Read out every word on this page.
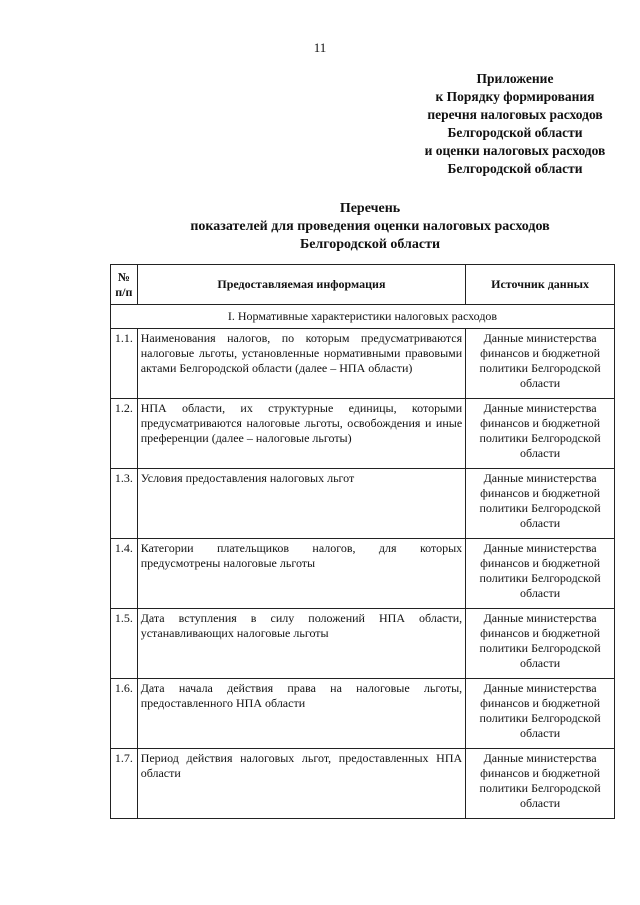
11
Приложение
к Порядку формирования
перечня налоговых расходов
Белгородской области
и оценки налоговых расходов
Белгородской области
Перечень
показателей для проведения оценки налоговых расходов
Белгородской области
№ п/п	Предоставляемая информация	Источник данных
I. Нормативные характеристики налоговых расходов		
1.1.	Наименования налогов, по которым предусматриваются налоговые льготы, установленные нормативными правовыми актами Белгородской области (далее – НПА области)	Данные министерства финансов и бюджетной политики Белгородской области
1.2.	НПА области, их структурные единицы, которыми предусматриваются налоговые льготы, освобождения и иные преференции (далее – налоговые льготы)	Данные министерства финансов и бюджетной политики Белгородской области
1.3.	Условия предоставления налоговых льгот	Данные министерства финансов и бюджетной политики Белгородской области
1.4.	Категории плательщиков налогов, для которых предусмотрены налоговые льготы	Данные министерства финансов и бюджетной политики Белгородской области
1.5.	Дата вступления в силу положений НПА области, устанавливающих налоговые льготы	Данные министерства финансов и бюджетной политики Белгородской области
1.6.	Дата начала действия права на налоговые льготы, предоставленного НПА области	Данные министерства финансов и бюджетной политики Белгородской области
1.7.	Период действия налоговых льгот, предоставленных НПА области	Данные министерства финансов и бюджетной политики Белгородской области
